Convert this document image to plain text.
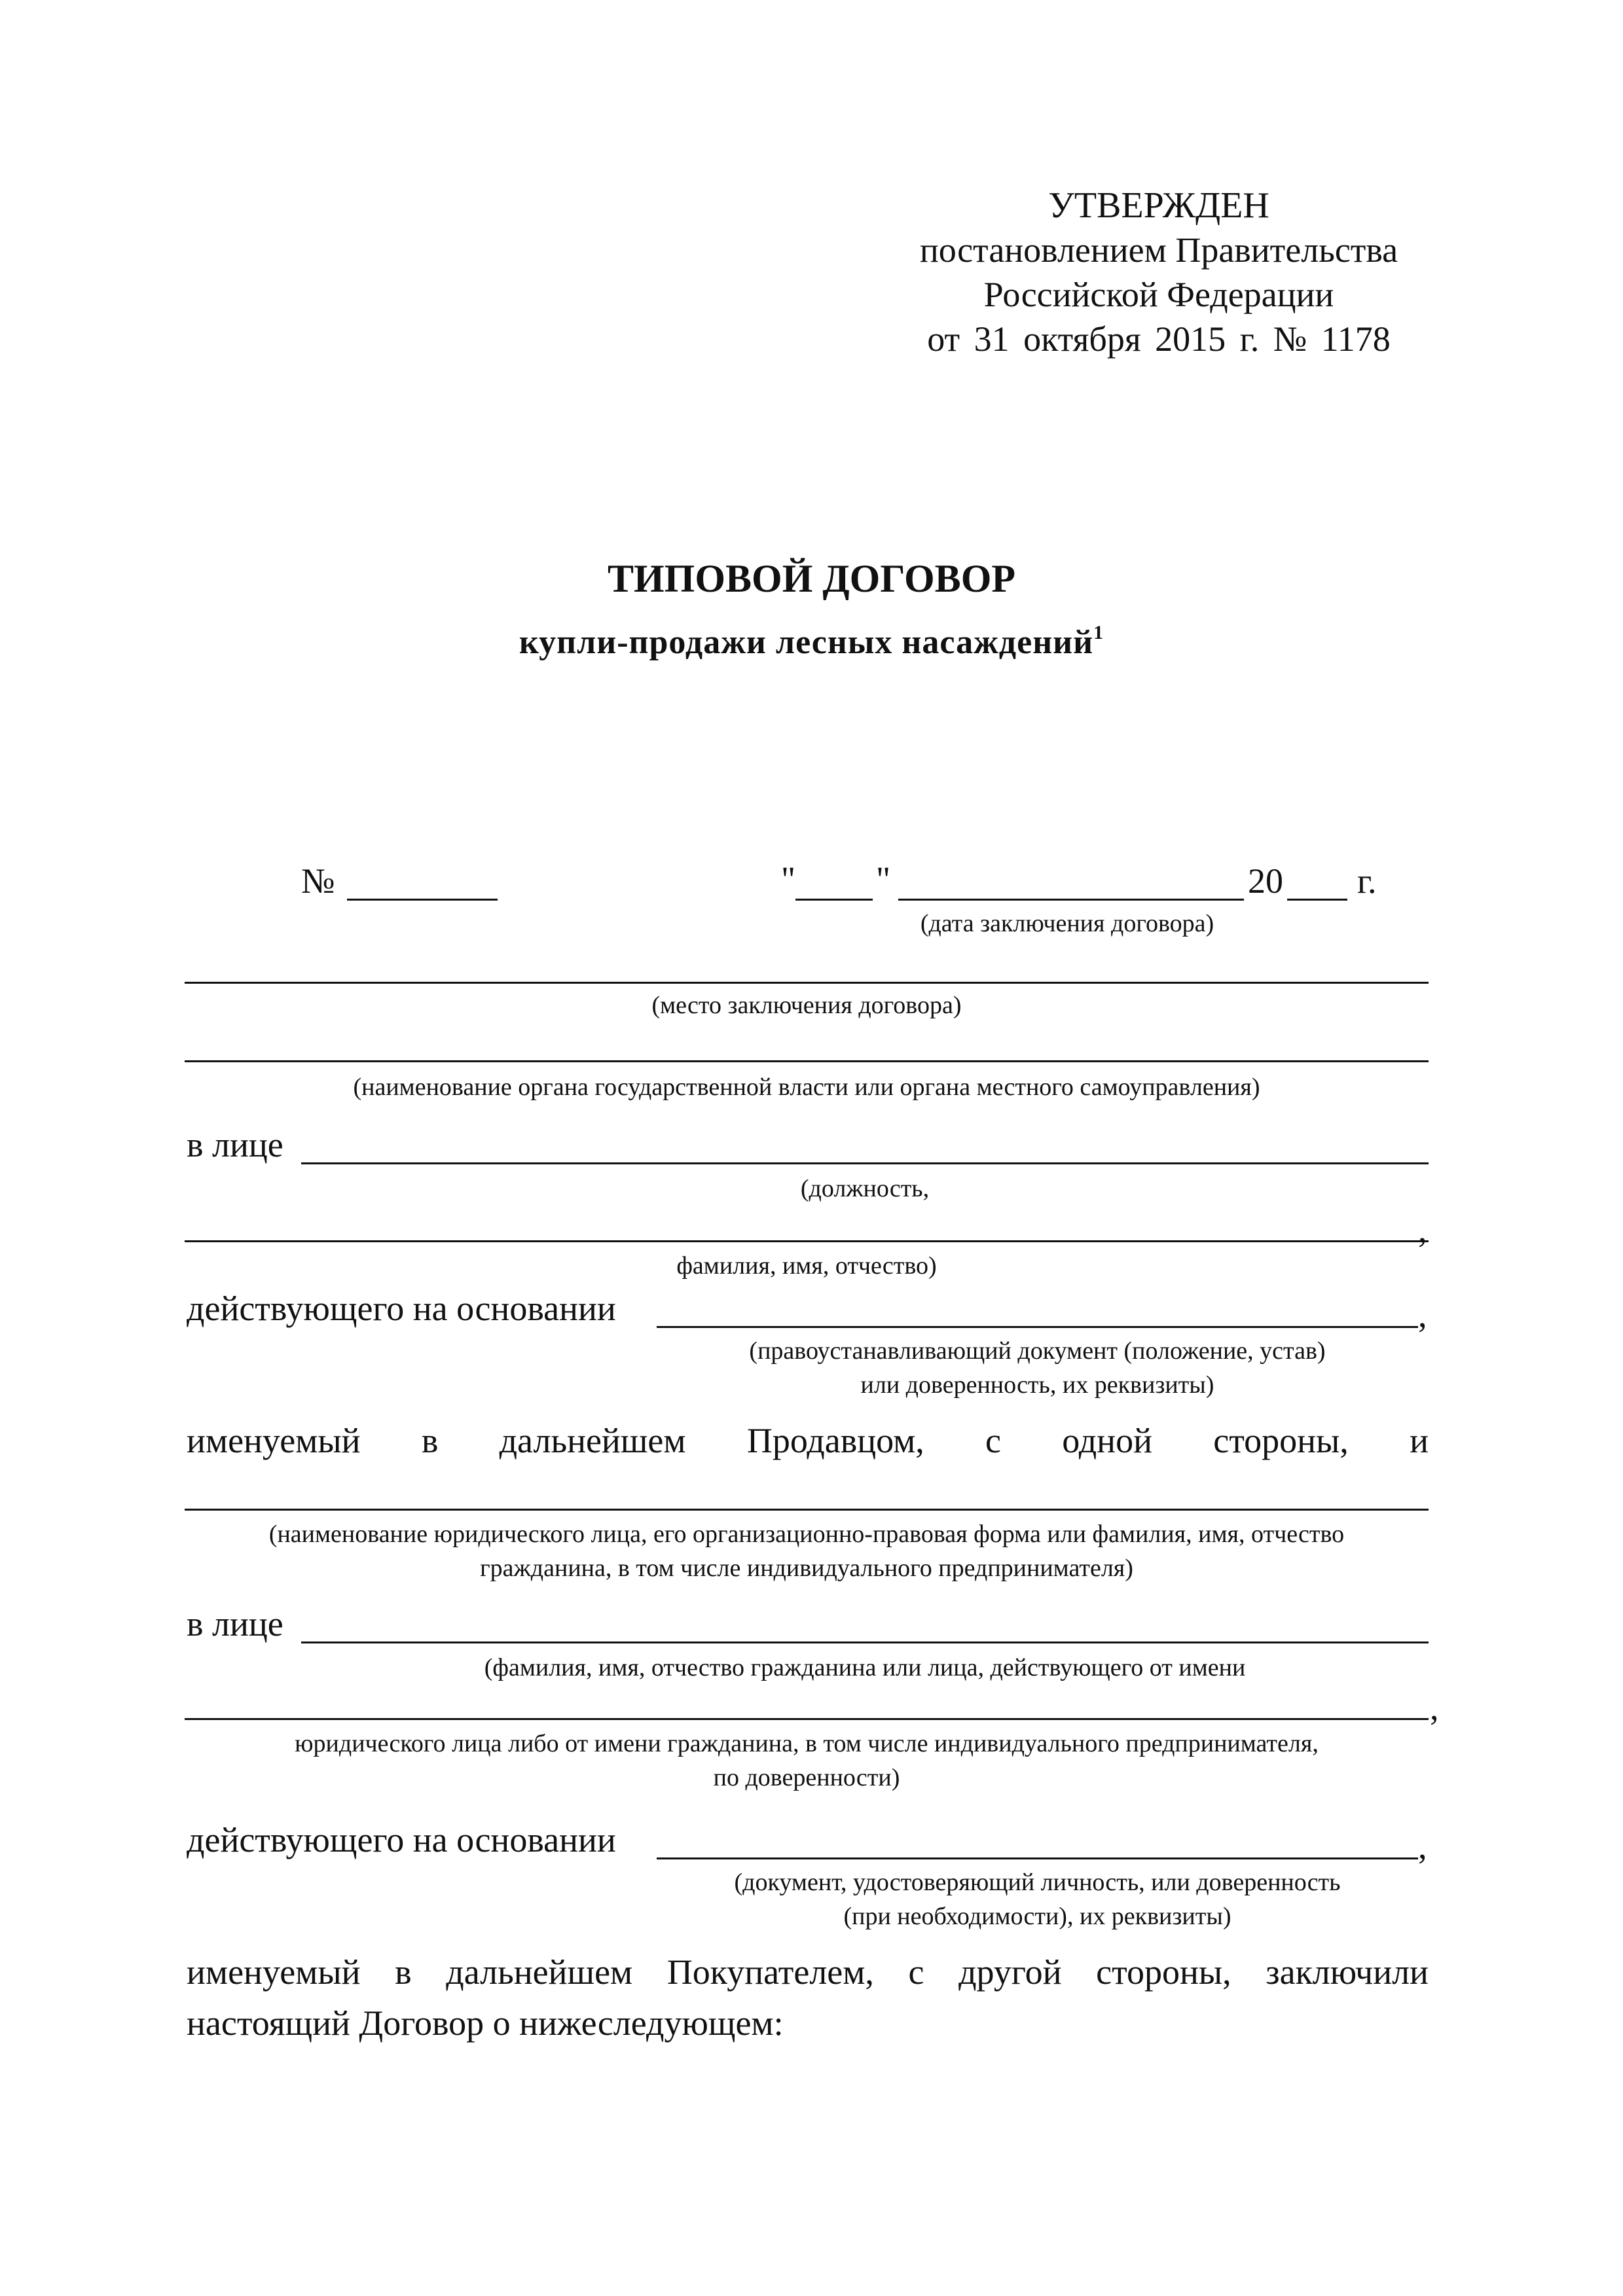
УТВЕРЖДЕН
постановлением Правительства
Российской Федерации
от 31 октября 2015 г. № 1178
ТИПОВОЙ ДОГОВОР
купли-продажи лесных насаждений$^1$
№	" "	20 г.
(дата заключения договора)
(место заключения договора)
(наименование органа государственной власти или органа местного самоуправления)
в лице
(должность,
,
фамилия, имя, отчество)
действующего на основании	,
(правоустанавливающий документ (положение, устав)
или доверенность, их реквизиты)
именуемый в дальнейшем Продавцом, с одной стороны, и
(наименование юридического лица, его организационно-правовая форма или фамилия, имя, отчество
гражданина, в том числе индивидуального предпринимателя)
в лице
(фамилия, имя, отчество гражданина или лица, действующего от имени
,
юридического лица либо от имени гражданина, в том числе индивидуального предпринимателя,
по доверенности)
действующего на основании	,
(документ, удостоверяющий личность, или доверенность
(при необходимости), их реквизиты)
именуемый в дальнейшем Покупателем, с другой стороны, заключили
настоящий Договор о нижеследующем:
